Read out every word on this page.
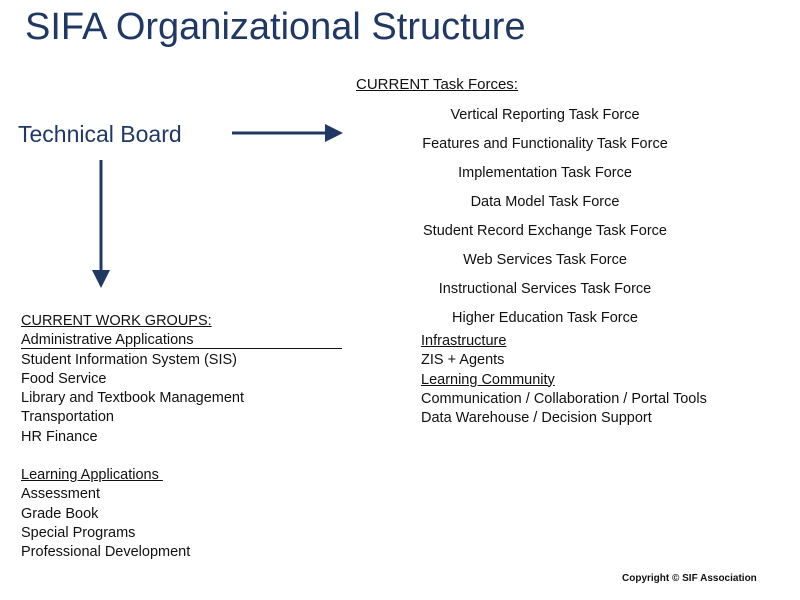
SIFA Organizational Structure
CURRENT Task Forces:
Technical Board
Vertical Reporting Task Force
Features and Functionality Task Force
Implementation Task Force
Data Model Task Force
Student Record Exchange Task Force
Web Services Task Force
Instructional Services Task Force
Higher Education Task Force
CURRENT WORK GROUPS:
Administrative Applications
Student Information System (SIS)
Food Service
Library and Textbook Management
Transportation
HR Finance
Learning Applications
Assessment
Grade Book
Special Programs
Professional Development
Infrastructure
ZIS + Agents
Learning Community
Communication / Collaboration / Portal Tools
Data Warehouse / Decision Support
Copyright © SIF Association
